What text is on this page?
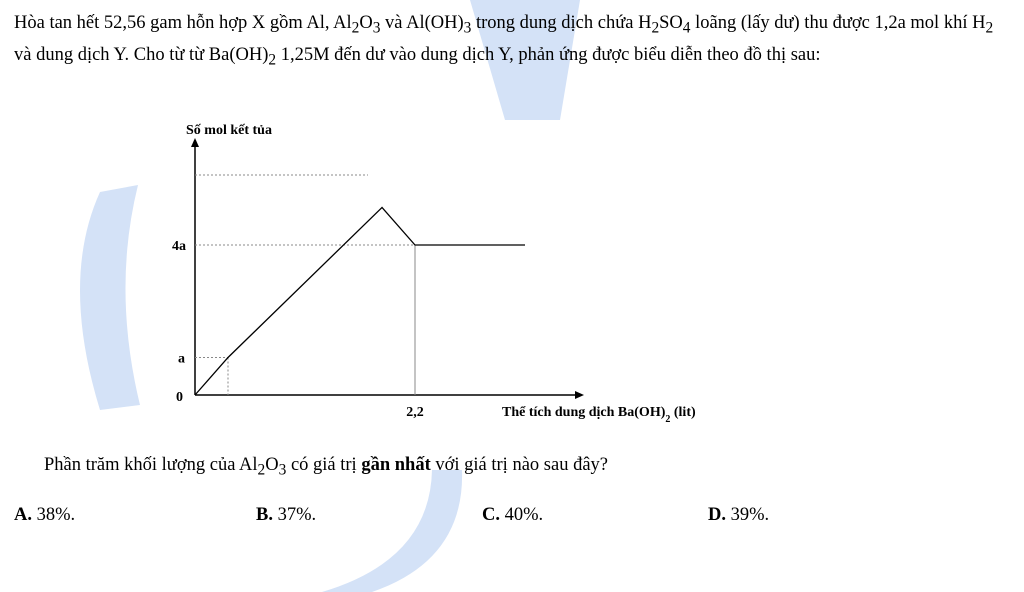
Hòa tan hết 52,56 gam hỗn hợp X gồm Al, $Al_2O_3$ và $Al(OH)_3$ trong dung dịch chứa $H_2SO_4$ loãng (lấy dư) thu được 1,2a mol khí $H_2$ và dung dịch Y. Cho từ từ $Ba(OH)_2$ 1,25M đến dư vào dung dịch Y, phản ứng được biểu diễn theo đồ thị sau:

Số mol kết tủa
a
4a
0
2,2	Thể tích dung dịch $Ba(OH)_2$ (lit)

Phần trăm khối lượng của $Al_2O_3$ có giá trị gần nhất với giá trị nào sau đây?

A. 38%.	B. 37%.	C. 40%.	D. 39%.
